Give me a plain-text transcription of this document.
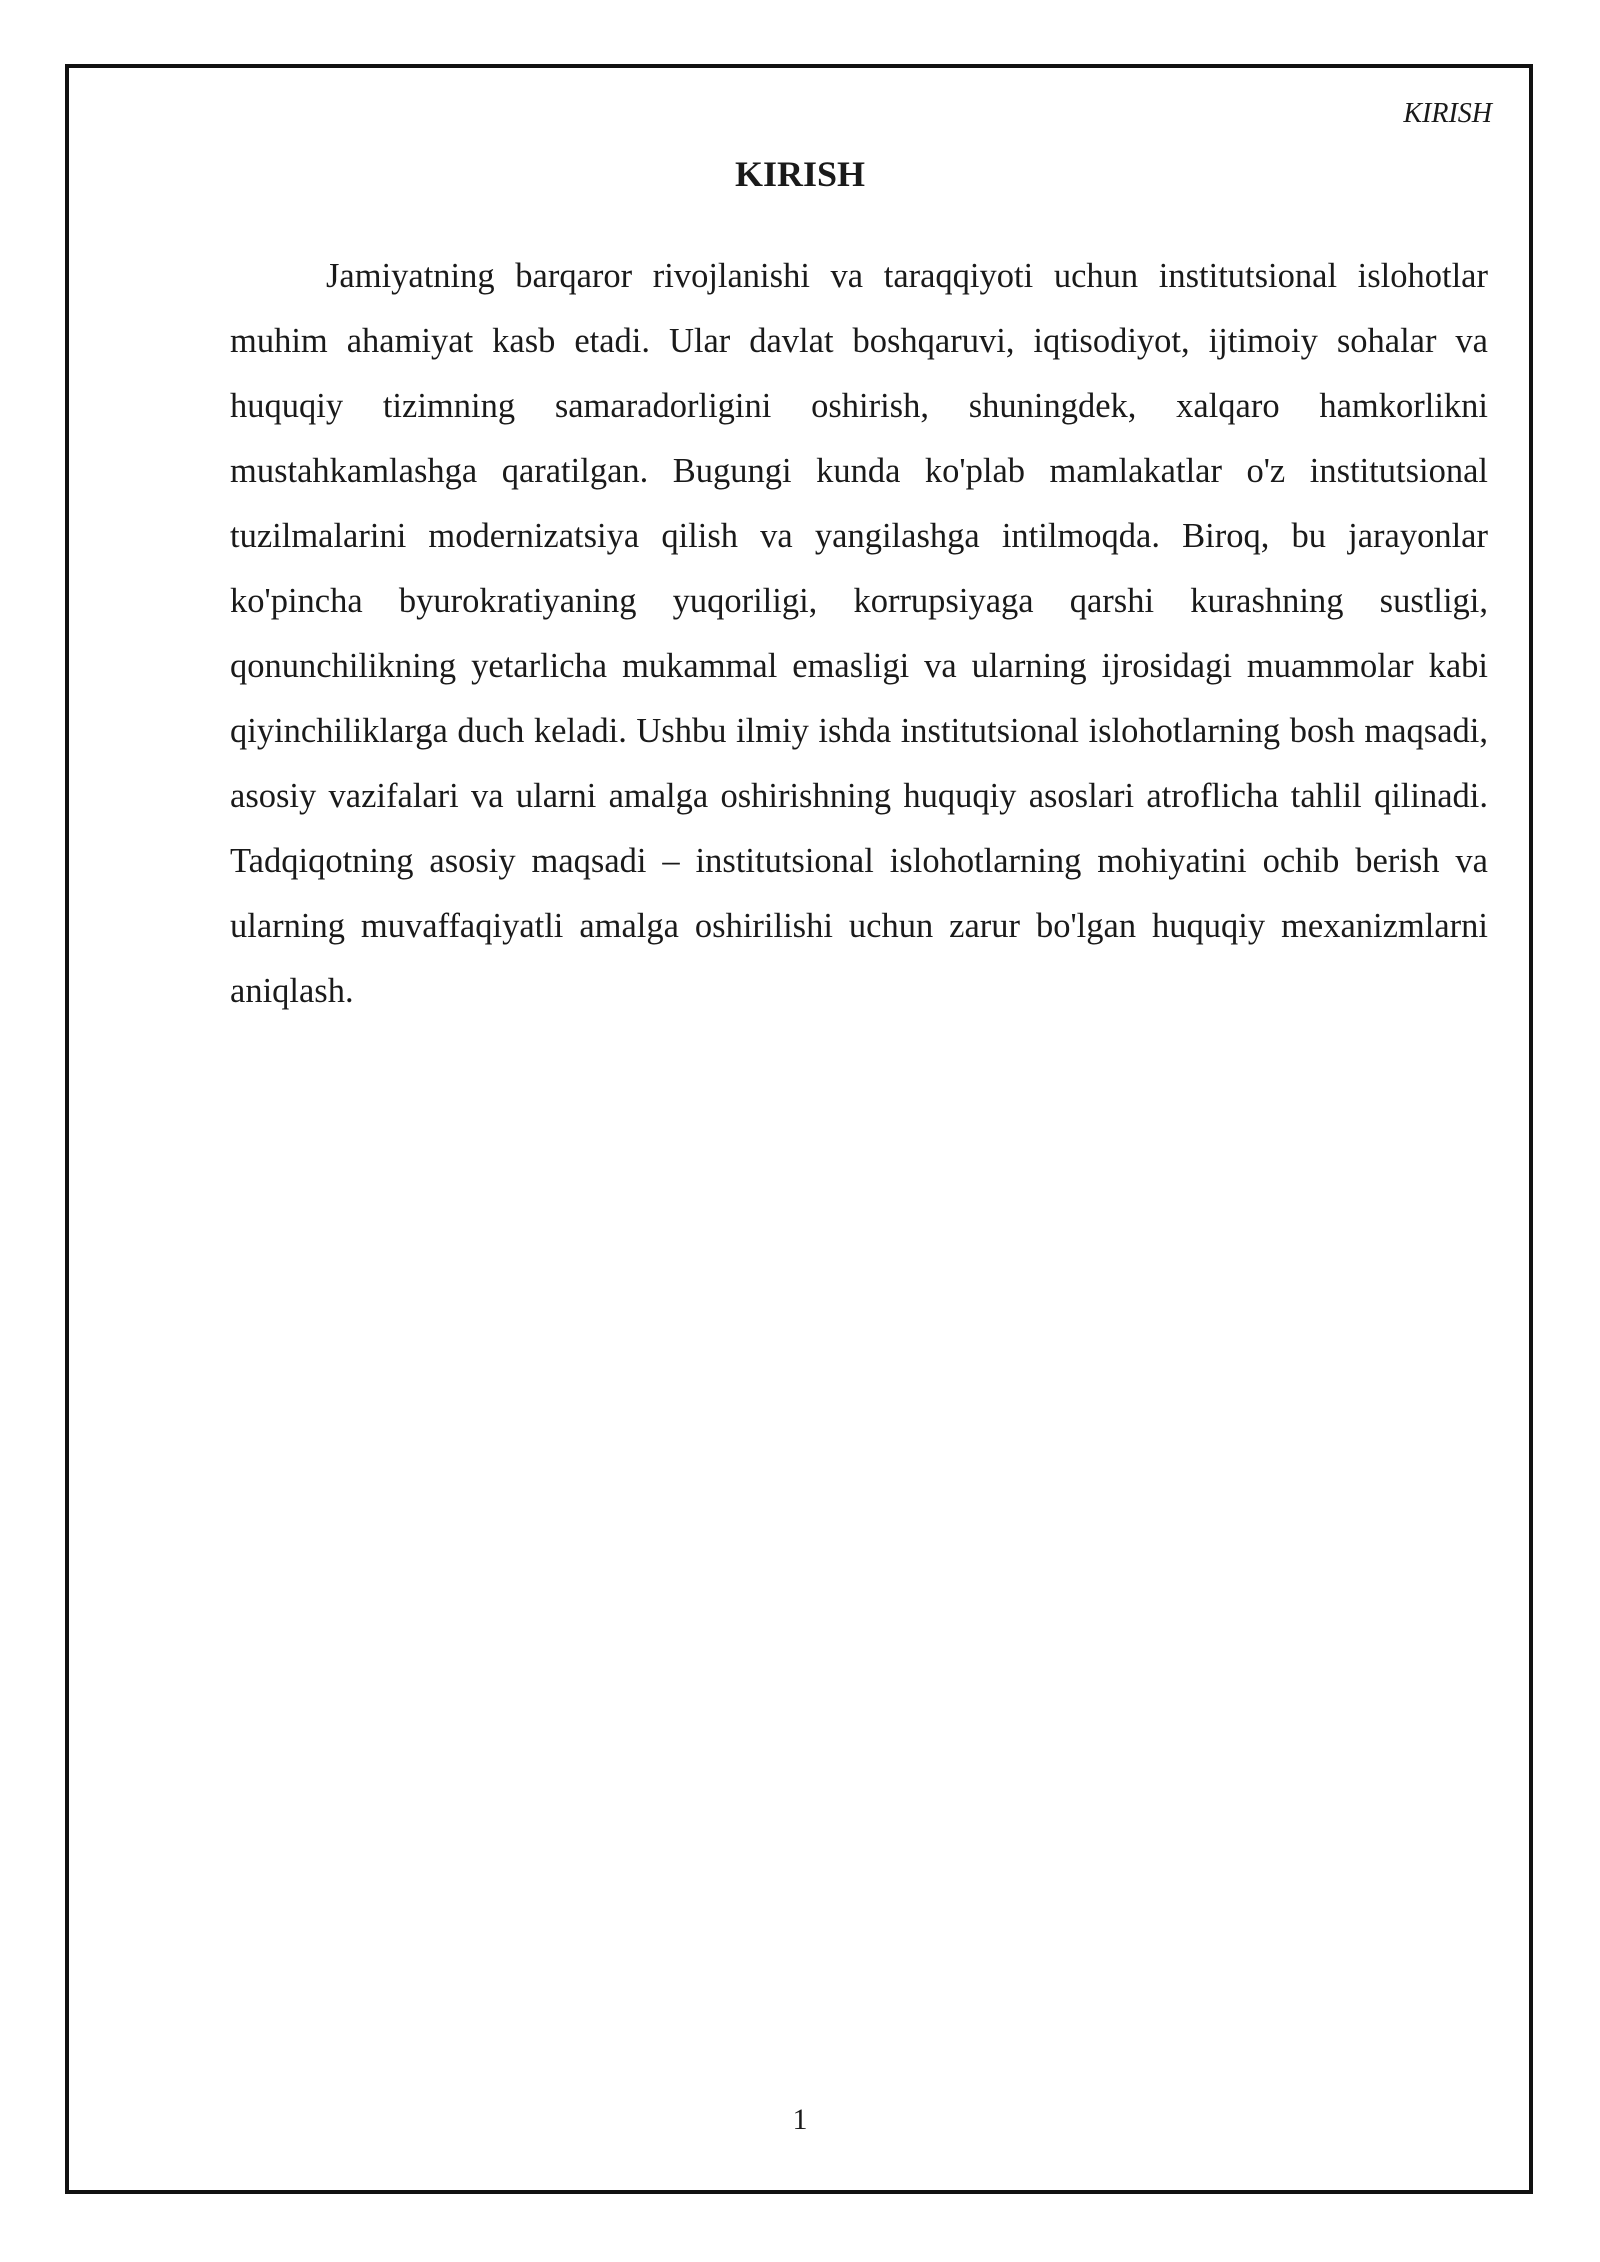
KIRISH
KIRISH

Jamiyatning barqaror rivojlanishi va taraqqiyoti uchun institutsional islohotlar muhim ahamiyat kasb etadi. Ular davlat boshqaruvi, iqtisodiyot, ijtimoiy sohalar va huquqiy tizimning samaradorligini oshirish, shuningdek, xalqaro hamkorlikni mustahkamlashga qaratilgan. Bugungi kunda ko'plab mamlakatlar o'z institutsional tuzilmalarini modernizatsiya qilish va yangilashga intilmoqda. Biroq, bu jarayonlar ko'pincha byurokratiyaning yuqoriligi, korrupsiyaga qarshi kurashning sustligi, qonunchilikning yetarlicha mukammal emasligi va ularning ijrosidagi muammolar kabi qiyinchiliklarga duch keladi. Ushbu ilmiy ishda institutsional islohotlarning bosh maqsadi, asosiy vazifalari va ularni amalga oshirishning huquqiy asoslari atroflicha tahlil qilinadi. Tadqiqotning asosiy maqsadi – institutsional islohotlarning mohiyatini ochib berish va ularning muvaffaqiyatli amalga oshirilishi uchun zarur bo'lgan huquqiy mexanizmlarni aniqlash.

1
